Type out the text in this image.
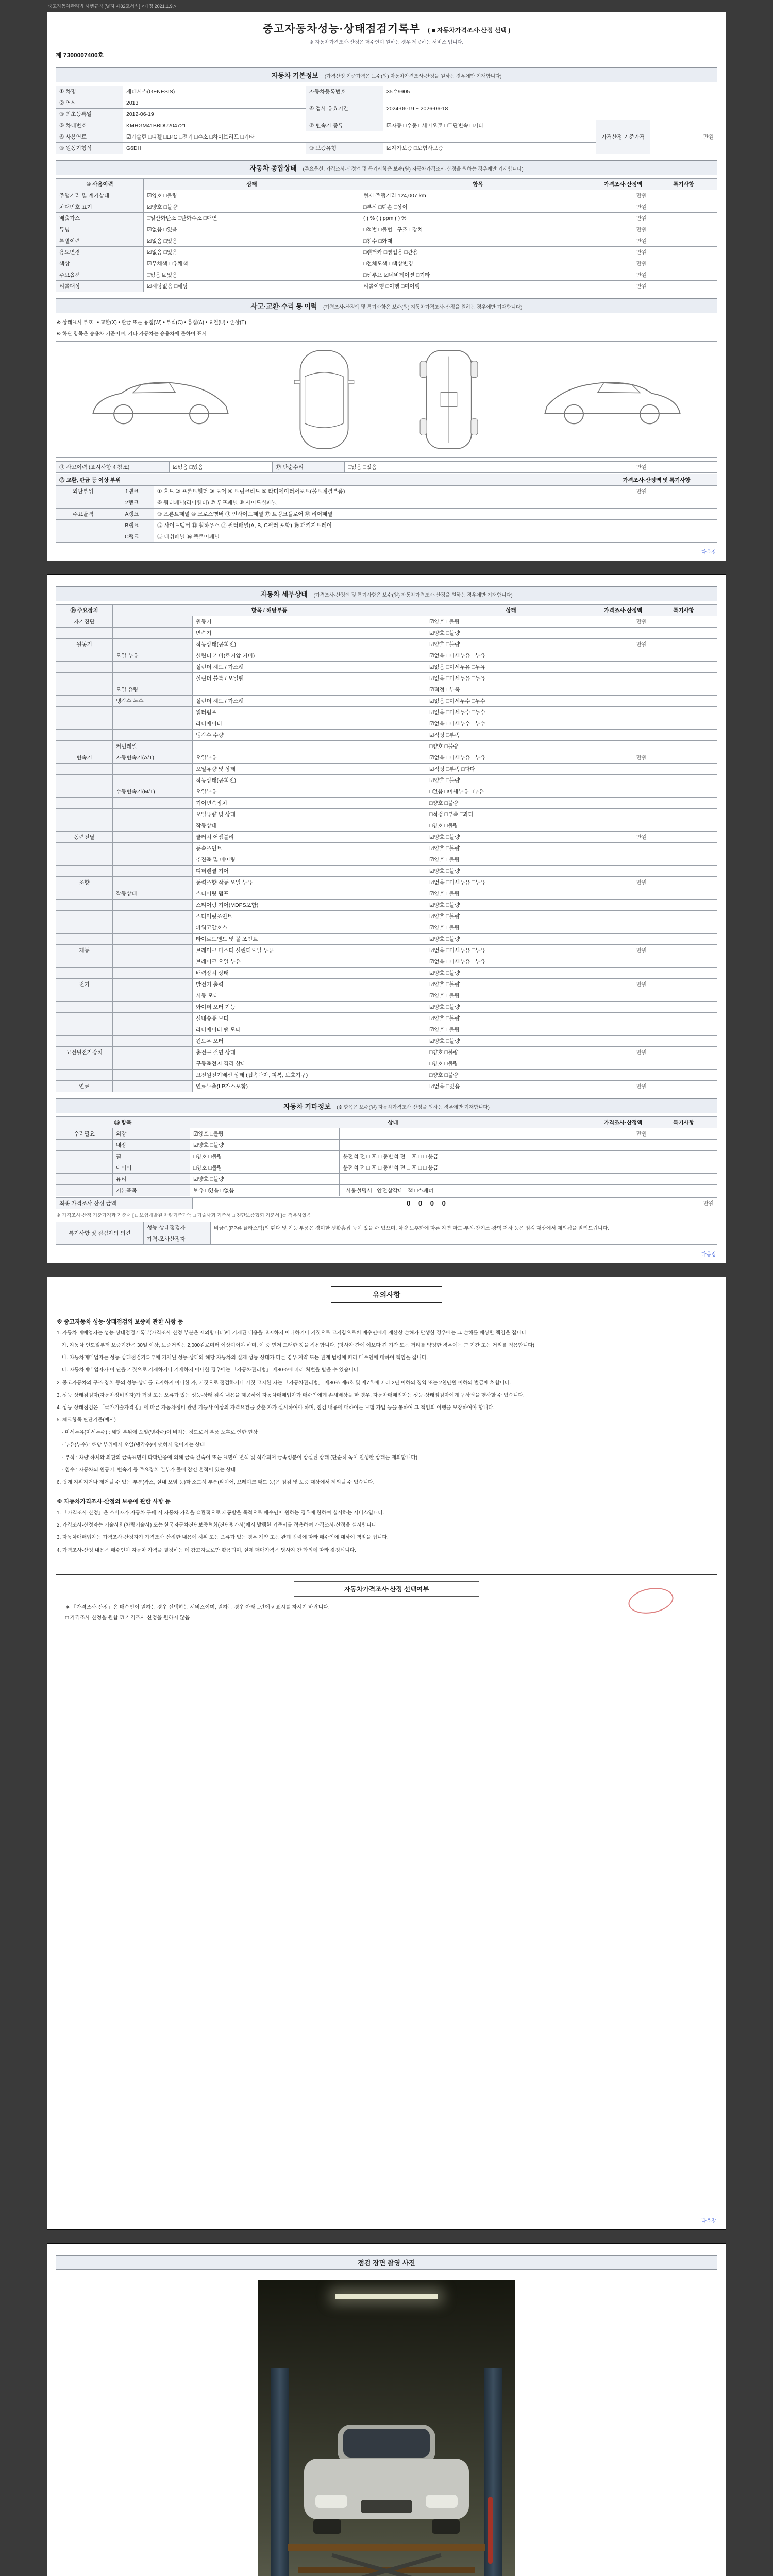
중고자동차관리법 시행규칙 [별지 제82호서식] <개정 2021.1.9.>
중고자동차성능·상태점검기록부 ( ■ 자동차가격조사·산정 선택 )
※ 자동차가격조사·산정은 매수인이 원하는 경우 제공하는 서비스 입니다.
제 7300007400호
자동차 기본정보 (가격산정 기준가격은 보수(원) 자동차가격조사·산정을 원하는 경우에만 기재합니다)
① 차명	제네시스(GENESIS)	자동차등록번호	35수9905		
② 연식	2013	④ 검사 유효기간	2024-06-19 ~ 2026-06-18		
③ 최초등록일	2012-06-19				
⑤ 차대번호	KMHGM41BBDU204721	⑦ 변속기 종류	☑자동 □수동 □세미오토 □무단변속 □기타	가격산정 기준가격	만원
⑥ 사용연료	☑가솔린 □디젤 □LPG □전기 □수소 □하이브리드 □기타				
⑧ 원동기형식	G6DH	⑨ 보증유형	☑자가보증 □보험사보증		
자동차 종합상태 (주요옵션, 가격조사·산정액 및 특기사항은 보수(원) 자동차가격조사·산정을 원하는 경우에만 기재합니다)
⑩ 사용이력	상태	항목	가격조사·산정액	특기사항
주행거리 및 계기상태	☑양호 □불량	현재 주행거리 124,007 km	만원	
차대번호 표기	☑양호 □불량	□부식 □훼손 □상이	만원	
배출가스	□일산화탄소 □탄화수소 □매연	( ) % ( ) ppm ( ) %	만원	
튜닝	☑없음 □있음	□적법 □불법 □구조 □장치	만원	
특별이력	☑없음 □있음	□침수 □화재	만원	
용도변경	☑없음 □있음	□렌터카 □영업용 □관용	만원	
색상	☑무채색 □유채색	□전체도색 □색상변경	만원	
주요옵션	□없음 ☑있음	□썬루프 ☑네비게이션 □기타	만원	
리콜대상	☑해당없음 □해당	리콜이행 □이행 □미이행	만원	
사고·교환·수리 등 이력 (가격조사·산정액 및 특기사항은 보수(원) 자동차가격조사·산정을 원하는 경우에만 기재합니다)
※ 상태표시 부호 : • 교환(X) • 판금 또는 용접(W) • 부식(C) • 흠집(A) • 요철(U) • 손상(T)
※ 하단 항목은 승용차 기준이며, 기타 자동차는 승용차에 준하여 표시
⑪ 사고이력 (표시사항 4 참조)	☑없음 □있음	⑫ 단순수리	□없음 □있음	만원	
⑬ 교환, 판금 등 이상 부위			가격조사·산정액 및 특기사항	
외판부위	1랭크	① 후드 ② 프론트휀더 ③ 도어 ④ 트렁크리드 ⑤ 라디에이터서포트(볼트체결부품)	만원	
	2랭크	⑥ 쿼터패널(리어휀더) ⑦ 루프패널 ⑧ 사이드실패널		
주요골격	A랭크	⑨ 프론트패널 ⑩ 크로스멤버 ⑪ 인사이드패널 ⑰ 트렁크플로어 ⑱ 리어패널		
	B랭크	⑫ 사이드멤버 ⑬ 휠하우스 ⑭ 필러패널(A, B, C필러 포함) ⑲ 패키지트레이		
	C랭크	⑮ 대쉬패널 ⑯ 플로어패널		
다음장
자동차 세부상태 (가격조사·산정액 및 특기사항은 보수(원) 자동차가격조사·산정을 원하는 경우에만 기재합니다)
⑭ 주요장치	항목 / 해당부품		상태	가격조사·산정액	특기사항
자기진단		원동기	☑양호 □불량	만원	
		변속기	☑양호 □불량		
원동기		작동상태(공회전)	☑양호 □불량	만원	
	오일 누유	실린더 커버(로커암 커버)	☑없음 □미세누유 □누유		
		실린더 헤드 / 가스켓	☑없음 □미세누유 □누유		
		실린더 블록 / 오일팬	☑없음 □미세누유 □누유		
	오일 유량		☑적정 □부족		
	냉각수 누수	실린더 헤드 / 가스켓	☑없음 □미세누수 □누수		
		워터펌프	☑없음 □미세누수 □누수		
		라디에이터	☑없음 □미세누수 □누수		
		냉각수 수량	☑적정 □부족		
	커먼레일		□양호 □불량		
변속기	자동변속기(A/T)	오일누유	☑없음 □미세누유 □누유	만원	
		오일유량 및 상태	☑적정 □부족 □과다		
		작동상태(공회전)	☑양호 □불량		
	수동변속기(M/T)	오일누유	□없음 □미세누유 □누유		
		기어변속장치	□양호 □불량		
		오일유량 및 상태	□적정 □부족 □과다		
		작동상태	□양호 □불량		
동력전달		클러치 어셈블리	☑양호 □불량	만원	
		등속조인트	☑양호 □불량		
		추진축 및 베어링	☑양호 □불량		
		디퍼렌셜 기어	☑양호 □불량		
조향		동력조향 작동 오일 누유	☑없음 □미세누유 □누유	만원	
	작동상태	스티어링 펌프	☑양호 □불량		
		스티어링 기어(MDPS포함)	☑양호 □불량		
		스티어링조인트	☑양호 □불량		
		파워고압호스	☑양호 □불량		
		타이로드엔드 및 볼 조인트	☑양호 □불량		
제동		브레이크 마스터 실린더오일 누유	☑없음 □미세누유 □누유	만원	
		브레이크 오일 누유	☑없음 □미세누유 □누유		
		배력장치 상태	☑양호 □불량		
전기		발전기 출력	☑양호 □불량	만원	
		시동 모터	☑양호 □불량		
		와이퍼 모터 기능	☑양호 □불량		
		실내송풍 모터	☑양호 □불량		
		라디에이터 팬 모터	☑양호 □불량		
		윈도우 모터	☑양호 □불량		
고전원전기장치		충전구 절연 상태	□양호 □불량	만원	
		구동축전지 격리 상태	□양호 □불량		
		고전원전기배선 상태 (접속단자, 피복, 보호기구)	□양호 □불량		
연료		연료누출(LP가스포함)	☑없음 □있음	만원	
자동차 기타정보 (※ 항목은 보수(원) 자동차가격조사·산정을 원하는 경우에만 기재합니다)
⑮ 항목		상태		가격조사·산정액	특기사항
수리필요	외장	☑양호 □불량		만원	
	내장	☑양호 □불량			
	휠	□양호 □불량	운전석 전 □ 후 □ 동반석 전 □ 후 □ □ 응급		
	타이어	□양호 □불량	운전석 전 □ 후 □ 동반석 전 □ 후 □ □ 응급		
	유리	☑양호 □불량			
	기본품목	보유 □있음 □없음	□사용설명서 □안전삼각대 □잭 □스패너		
최종 가격조사·산정 금액	0 0 0 0	만원
※ 가격조사·산정 기준가격과 기준서 [ □ 보험개발원 차량기준가액 □ 기술사회 기준서 □ 진단보증협회 기준서 ]를 적용하였음
특기사항 및 점검자의 의견	성능·상태점검자	비금속(PP류 플라스틱)의 휀다 및 기능 부품은 경미한 생활흠집 등이 있을 수 있으며, 차량 노후화에 따른 자연 마모·부식·잔기스·광택 저하 등은 점검 대상에서 제외됨을 알려드립니다.
	가격·조사산정자	
다음장
유의사항
※ 중고자동차 성능·상태점검의 보증에 관한 사항 등

1. 자동차 매매업자는 성능·상태점검기록부(가격조사·산정 부분은 제외합니다)에 기재된 내용을 고지하지 아니하거나 거짓으로 고지함으로써 매수인에게 재산상 손해가 발생한 경우에는 그 손해를 배상할 책임을 집니다.

　가. 자동차 인도일부터 보증기간은 30일 이상, 보증거리는 2,000킬로미터 이상이어야 하며, 이 중 먼저 도래한 것을 적용합니다. (당사자 간에 이보다 긴 기간 또는 거리를 약정한 경우에는 그 기간 또는 거리를 적용합니다)

　나. 자동차매매업자는 성능·상태점검기록부에 기재된 성능·상태와 해당 자동차의 실제 성능·상태가 다른 경우 계약 또는 관계 법령에 따라 매수인에 대하여 책임을 집니다.

　다. 자동차매매업자가 이 난을 거짓으로 기재하거나 기재하지 아니한 경우에는 「자동차관리법」 제80조에 따라 처벌을 받을 수 있습니다.

2. 중고자동차의 구조·장치 등의 성능·상태를 고지하지 아니한 자, 거짓으로 점검하거나 거짓 고지한 자는 「자동차관리법」 제80조 제6호 및 제7호에 따라 2년 이하의 징역 또는 2천만원 이하의 벌금에 처합니다.

3. 성능·상태점검자(자동차정비업자)가 거짓 또는 오류가 있는 성능·상태 점검 내용을 제공하여 자동차매매업자가 매수인에게 손해배상을 한 경우, 자동차매매업자는 성능·상태점검자에게 구상권을 행사할 수 있습니다.

4. 성능·상태점검은 「국가기술자격법」에 따른 자동차정비 관련 기능사 이상의 자격요건을 갖춘 자가 실시하여야 하며, 점검 내용에 대하여는 보험 가입 등을 통하여 그 책임의 이행을 보장하여야 합니다.

5. 체크항목 판단기준(예시)

　- 미세누유(미세누수) : 해당 부위에 오일(냉각수)이 비치는 정도로서 부품 노후로 인한 현상

　- 누유(누수) : 해당 부위에서 오일(냉각수)이 맺혀서 떨어지는 상태

　- 부식 : 차량 하체와 외판의 금속표면이 화학반응에 의해 금속 깊숙이 또는 표면이 변색 및 식각되어 금속성분이 상실된 상태 (단순히 녹이 발생한 상태는 제외합니다)

　- 침수 : 자동차의 원동기, 변속기 등 주요장치 일부가 물에 잠긴 흔적이 있는 상태

6. 쉽게 지워지거나 제거될 수 있는 부분(왁스, 실내 오염 등)과 소모성 부품(타이어, 브레이크 패드 등)은 점검 및 보증 대상에서 제외될 수 있습니다.

※ 자동차가격조사·산정의 보증에 관한 사항 등

1. 「가격조사·산정」은 소비자가 자동차 구매 시 자동차 가격을 객관적으로 제공받을 목적으로 매수인이 원하는 경우에 한하여 실시하는 서비스입니다.

2. 가격조사·산정자는 기술사회(차량기술사) 또는 한국자동차진단보증협회(진단평가사)에서 발행한 기준서를 적용하여 가격조사·산정을 실시합니다.

3. 자동차매매업자는 가격조사·산정자가 가격조사·산정한 내용에 허위 또는 오류가 있는 경우 계약 또는 관계 법령에 따라 매수인에 대하여 책임을 집니다.

4. 가격조사·산정 내용은 매수인이 자동차 가격을 결정하는 데 참고자료로만 활용되며, 실제 매매가격은 당사자 간 합의에 따라 결정됩니다.

자동차가격조사·산정 선택여부
※ 「가격조사·산정」은 매수인이 원하는 경우 선택하는 서비스이며, 원하는 경우 아래 □란에 √ 표시를 하시기 바랍니다.
□ 가격조사·산정을 원함 ☑ 가격조사·산정을 원하지 않음
다음장
점검 장면 촬영 사진
